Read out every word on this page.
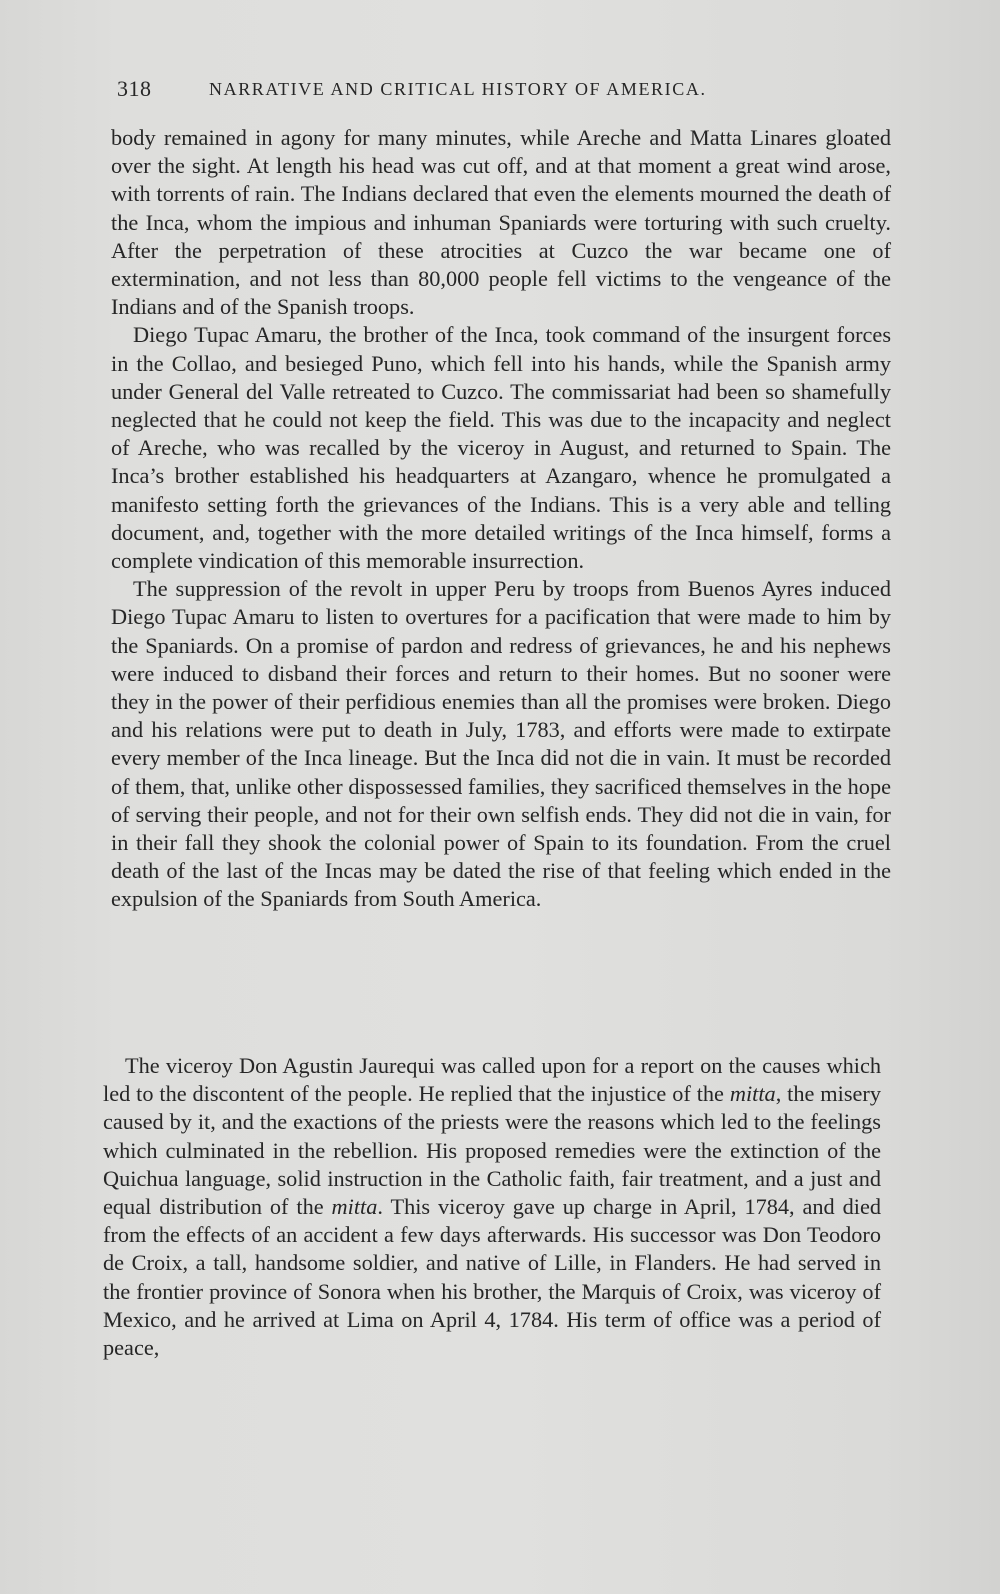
318	NARRATIVE AND CRITICAL HISTORY OF AMERICA.

body remained in agony for many minutes, while Areche and Matta Linares gloated over the sight. At length his head was cut off, and at that moment a great wind arose, with torrents of rain. The Indians declared that even the elements mourned the death of the Inca, whom the impious and inhuman Spaniards were torturing with such cruelty. After the perpetration of these atrocities at Cuzco the war became one of extermination, and not less than 80,000 people fell victims to the vengeance of the Indians and of the Spanish troops.

Diego Tupac Amaru, the brother of the Inca, took command of the insurgent forces in the Collao, and besieged Puno, which fell into his hands, while the Spanish army under General del Valle retreated to Cuzco. The commissariat had been so shamefully neglected that he could not keep the field. This was due to the incapacity and neglect of Areche, who was recalled by the viceroy in August, and returned to Spain. The Inca’s brother established his headquarters at Azangaro, whence he promulgated a manifesto setting forth the grievances of the Indians. This is a very able and telling document, and, together with the more detailed writings of the Inca himself, forms a complete vindication of this memorable insurrection.

The suppression of the revolt in upper Peru by troops from Buenos Ayres induced Diego Tupac Amaru to listen to overtures for a pacification that were made to him by the Spaniards. On a promise of pardon and redress of grievances, he and his nephews were induced to disband their forces and return to their homes. But no sooner were they in the power of their perfidious enemies than all the promises were broken. Diego and his relations were put to death in July, 1783, and efforts were made to extirpate every member of the Inca lineage. But the Inca did not die in vain. It must be recorded of them, that, unlike other dispossessed families, they sacrificed themselves in the hope of serving their people, and not for their own selfish ends. They did not die in vain, for in their fall they shook the colonial power of Spain to its foundation. From the cruel death of the last of the Incas may be dated the rise of that feeling which ended in the expulsion of the Spaniards from South America.

The viceroy Don Agustin Jaurequi was called upon for a report on the causes which led to the discontent of the people. He replied that the injustice of the mitta, the misery caused by it, and the exactions of the priests were the reasons which led to the feelings which culminated in the rebellion. His proposed remedies were the extinction of the Quichua language, solid instruction in the Catholic faith, fair treatment, and a just and equal distribution of the mitta. This viceroy gave up charge in April, 1784, and died from the effects of an accident a few days afterwards. His successor was Don Teodoro de Croix, a tall, handsome soldier, and native of Lille, in Flanders. He had served in the frontier province of Sonora when his brother, the Marquis of Croix, was viceroy of Mexico, and he arrived at Lima on April 4, 1784. His term of office was a period of peace,
